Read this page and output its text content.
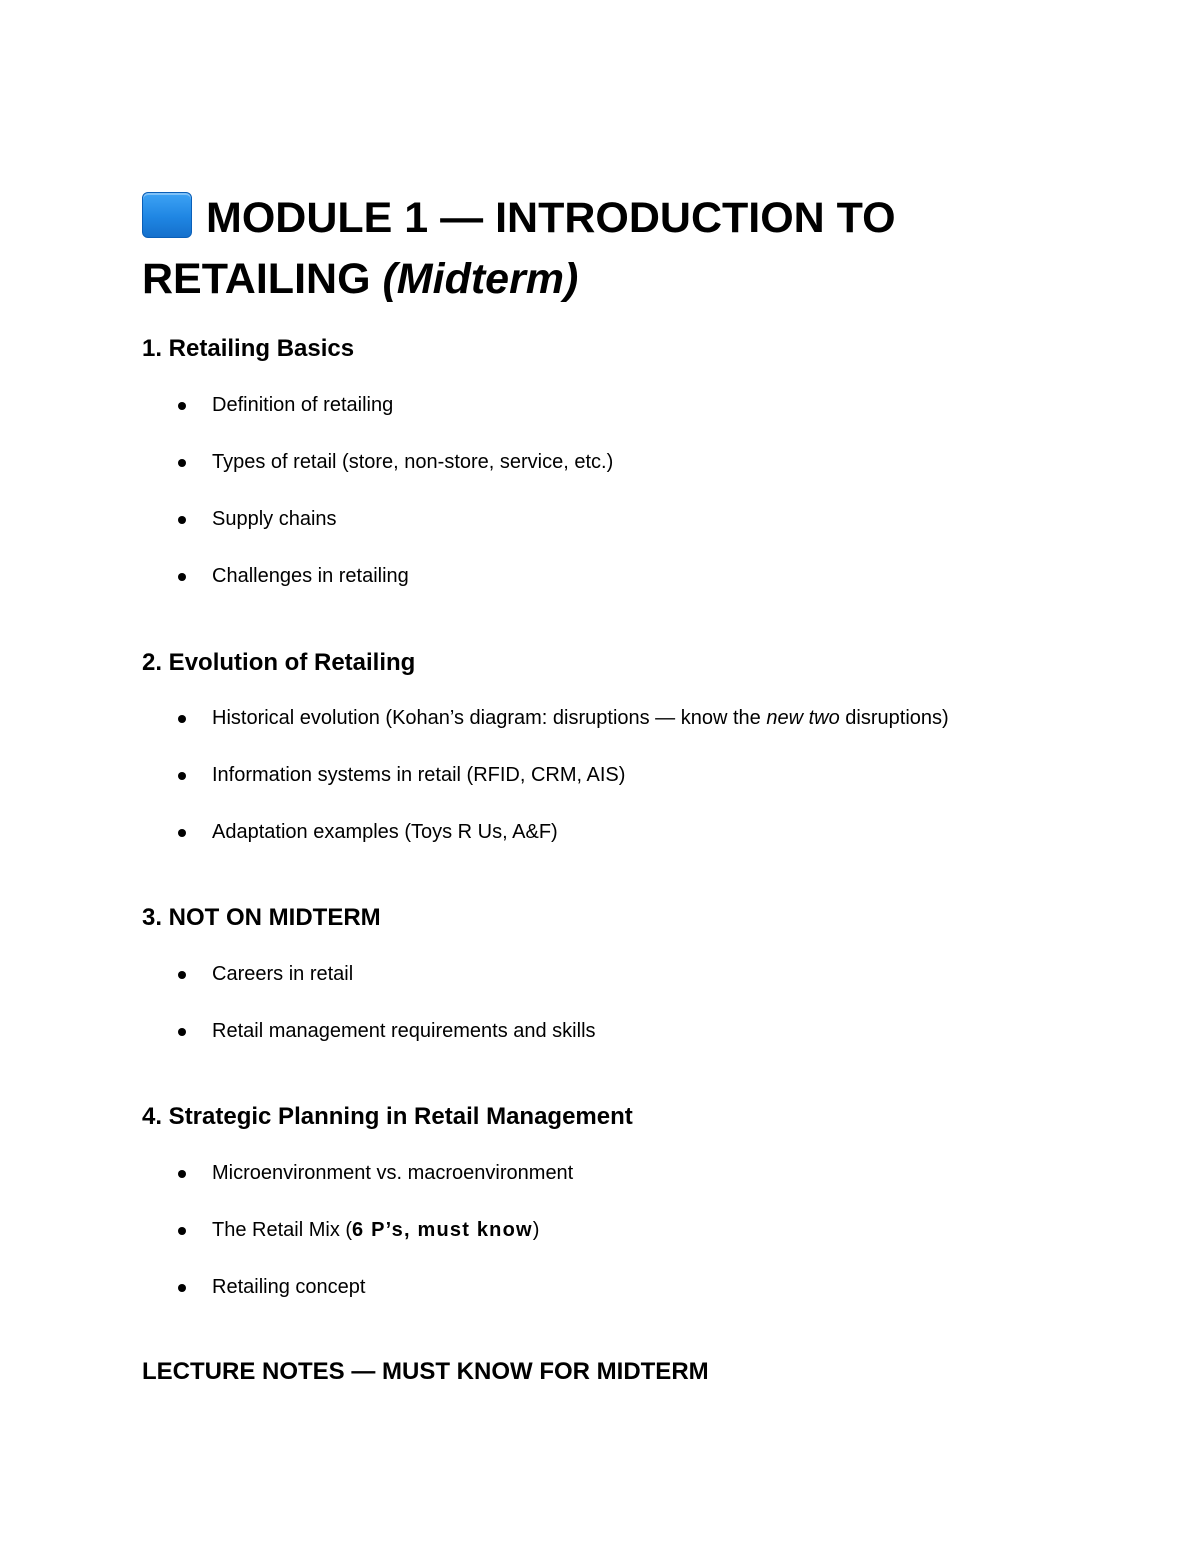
MODULE 1 — INTRODUCTION TO RETAILING (Midterm)
1. Retailing Basics
Definition of retailing
Types of retail (store, non-store, service, etc.)
Supply chains
Challenges in retailing
2. Evolution of Retailing
Historical evolution (Kohan’s diagram: disruptions — know the new two disruptions)
Information systems in retail (RFID, CRM, AIS)
Adaptation examples (Toys R Us, A&F)
3. NOT ON MIDTERM
Careers in retail
Retail management requirements and skills
4. Strategic Planning in Retail Management
Microenvironment vs. macroenvironment
The Retail Mix (6 P’s, must know)
Retailing concept
LECTURE NOTES — MUST KNOW FOR MIDTERM
